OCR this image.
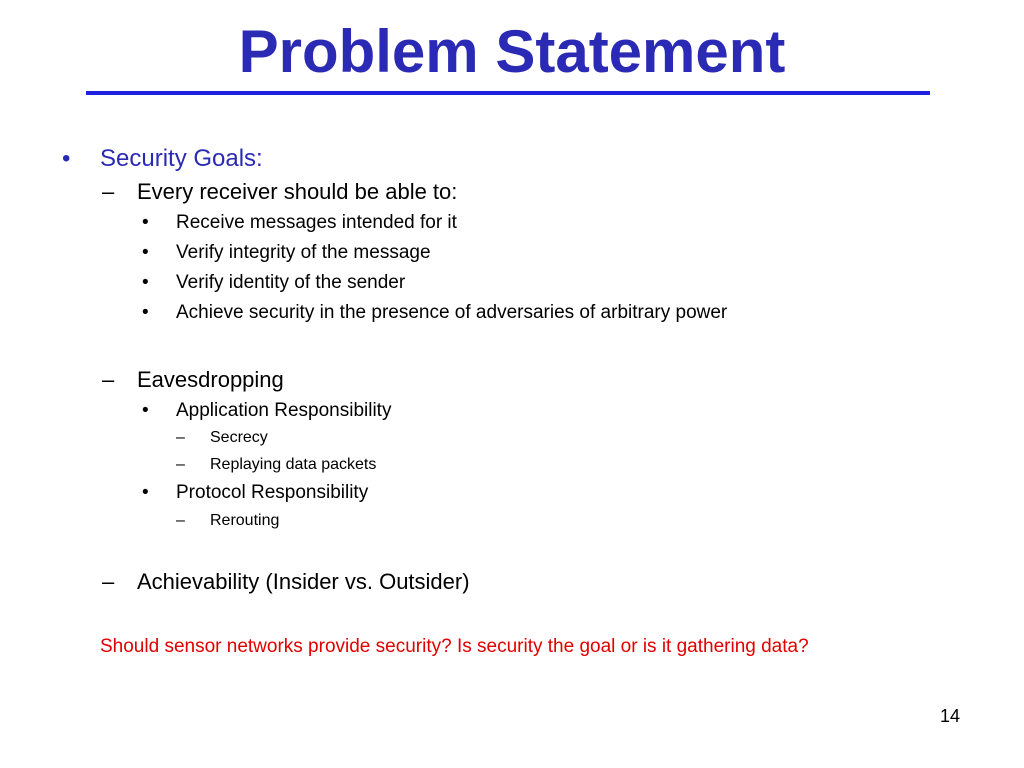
Problem Statement
• Security Goals:
– Every receiver should be able to:
• Receive messages intended for it
• Verify integrity of the message
• Verify identity of the sender
• Achieve security in the presence of adversaries of arbitrary power
– Eavesdropping
• Application Responsibility
– Secrecy
– Replaying data packets
• Protocol Responsibility
– Rerouting
– Achievability (Insider vs. Outsider)
Should sensor networks provide security? Is security the goal or is it gathering data?
14
